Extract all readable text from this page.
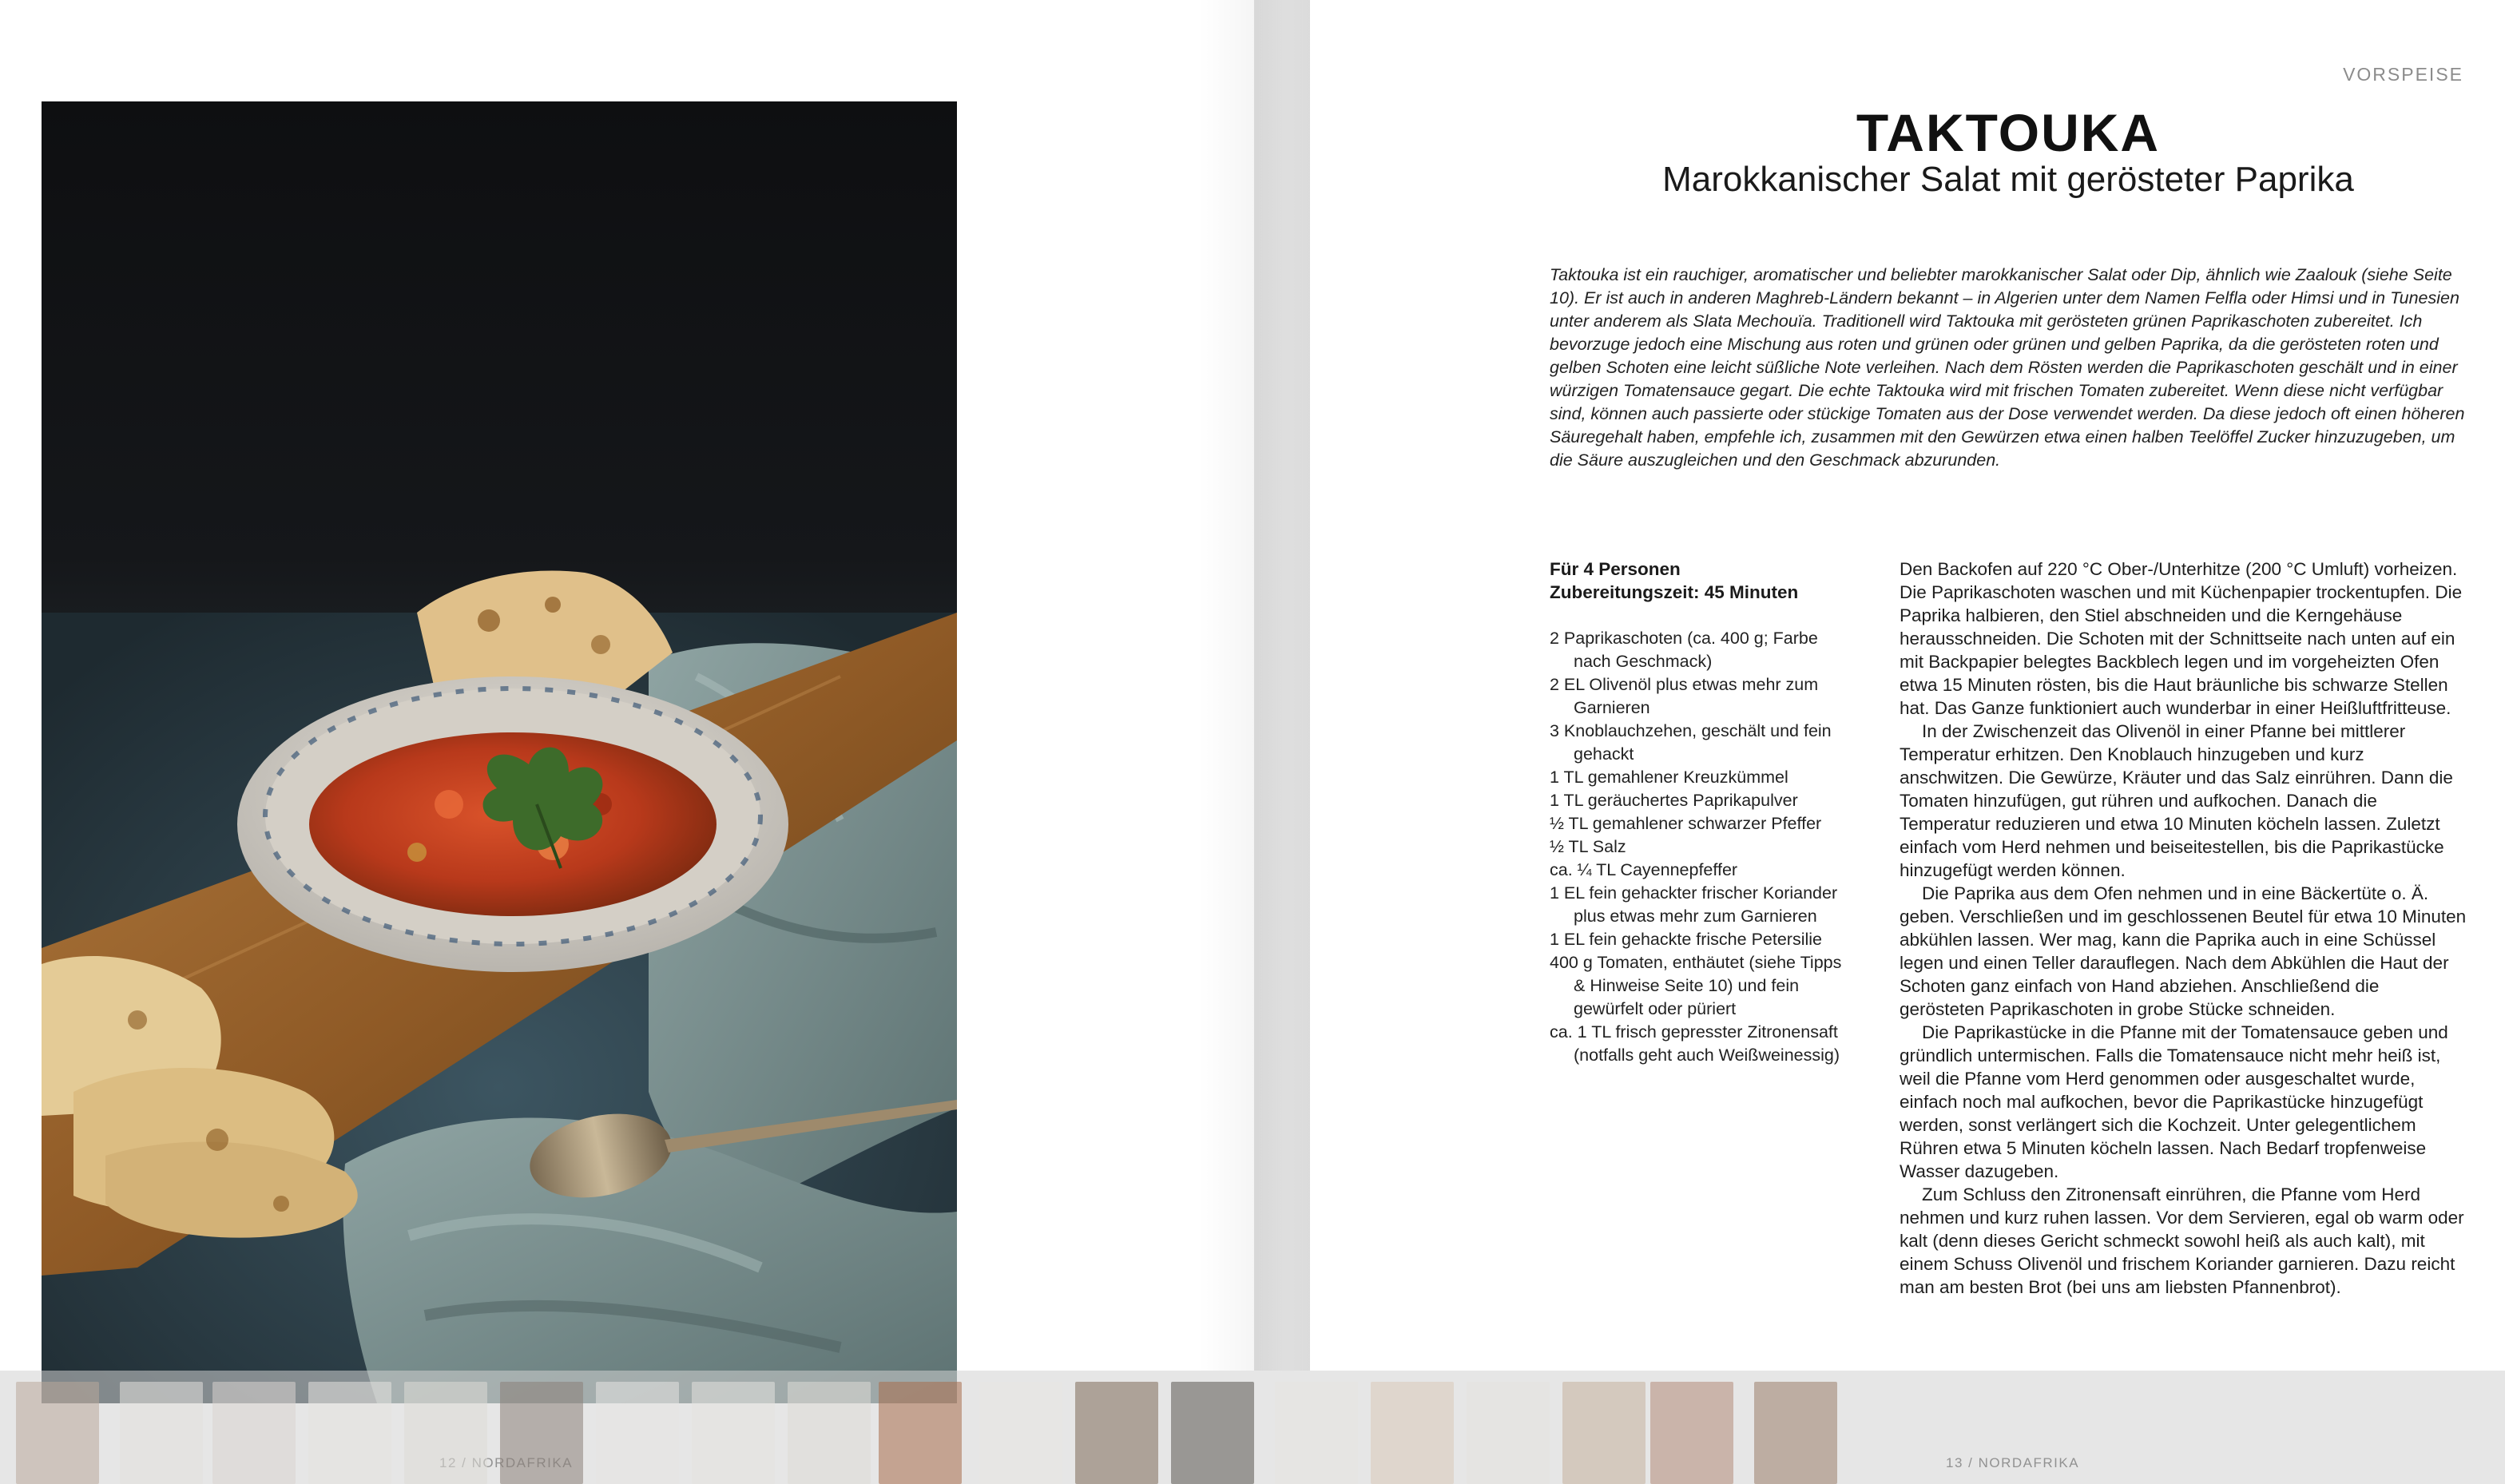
VORSPEISE
TAKTOUKA
Marokkanischer Salat mit gerösteter Paprika

Taktouka ist ein rauchiger, aromatischer und beliebter marokkanischer Salat oder Dip, ähnlich wie Zaalouk (siehe Seite 10). Er ist auch in anderen Maghreb-Ländern bekannt – in Algerien unter dem Namen Felfla oder Himsi und in Tunesien unter anderem als Slata Mechouïa. Traditionell wird Taktouka mit gerösteten grünen Paprikaschoten zubereitet. Ich bevorzuge jedoch eine Mischung aus roten und grünen oder grünen und gelben Paprika, da die gerösteten roten und gelben Schoten eine leicht süßliche Note verleihen. Nach dem Rösten werden die Paprikaschoten geschält und in einer würzigen Tomatensauce gegart. Die echte Taktouka wird mit frischen Tomaten zubereitet. Wenn diese nicht verfügbar sind, können auch passierte oder stückige Tomaten aus der Dose verwendet werden. Da diese jedoch oft einen höheren Säuregehalt haben, empfehle ich, zusammen mit den Gewürzen etwa einen halben Teelöffel Zucker hinzuzugeben, um die Säure auszugleichen und den Geschmack abzurunden.

Für 4 Personen
Zubereitungszeit: 45 Minuten
2 Paprikaschoten (ca. 400 g; Farbe nach Geschmack)
2 EL Olivenöl plus etwas mehr zum Garnieren
3 Knoblauchzehen, geschält und fein gehackt
1 TL gemahlener Kreuzkümmel
1 TL geräuchertes Paprikapulver
½ TL gemahlener schwarzer Pfeffer
½ TL Salz
ca. ¼ TL Cayennepfeffer
1 EL fein gehackter frischer Koriander plus etwas mehr zum Garnieren
1 EL fein gehackte frische Petersilie
400 g Tomaten, enthäutet (siehe Tipps & Hinweise Seite 10) und fein gewürfelt oder püriert
ca. 1 TL frisch gepresster Zitronensaft (notfalls geht auch Weißweinessig)

Den Backofen auf 220 °C Ober-/Unterhitze (200 °C Umluft) vorheizen. Die Paprikaschoten waschen und mit Küchenpapier trockentupfen. Die Paprika halbieren, den Stiel abschneiden und die Kerngehäuse herausschneiden. Die Schoten mit der Schnittseite nach unten auf ein mit Backpapier belegtes Backblech legen und im vorgeheizten Ofen etwa 15 Minuten rösten, bis die Haut bräunliche bis schwarze Stellen hat. Das Ganze funktioniert auch wunderbar in einer Heißluftfritteuse.

In der Zwischenzeit das Olivenöl in einer Pfanne bei mittlerer Temperatur erhitzen. Den Knoblauch hinzugeben und kurz anschwitzen. Die Gewürze, Kräuter und das Salz einrühren. Dann die Tomaten hinzufügen, gut rühren und aufkochen. Danach die Temperatur reduzieren und etwa 10 Minuten köcheln lassen. Zuletzt einfach vom Herd nehmen und beiseitestellen, bis die Paprikastücke hinzugefügt werden können.

Die Paprika aus dem Ofen nehmen und in eine Bäckertüte o. Ä. geben. Verschließen und im geschlossenen Beutel für etwa 10 Minuten abkühlen lassen. Wer mag, kann die Paprika auch in eine Schüssel legen und einen Teller darauflegen. Nach dem Abkühlen die Haut der Schoten ganz einfach von Hand abziehen. Anschließend die gerösteten Paprikaschoten in grobe Stücke schneiden.

Die Paprikastücke in die Pfanne mit der Tomatensauce geben und gründlich untermischen. Falls die Tomatensauce nicht mehr heiß ist, weil die Pfanne vom Herd genommen oder ausgeschaltet wurde, einfach noch mal aufkochen, bevor die Paprikastücke hinzugefügt werden, sonst verlängert sich die Kochzeit. Unter gelegentlichem Rühren etwa 5 Minuten köcheln lassen. Nach Bedarf tropfenweise Wasser dazugeben.

Zum Schluss den Zitronensaft einrühren, die Pfanne vom Herd nehmen und kurz ruhen lassen. Vor dem Servieren, egal ob warm oder kalt (denn dieses Gericht schmeckt sowohl heiß als auch kalt), mit einem Schuss Olivenöl und frischem Koriander garnieren. Dazu reicht man am besten Brot (bei uns am liebsten Pfannenbrot).
